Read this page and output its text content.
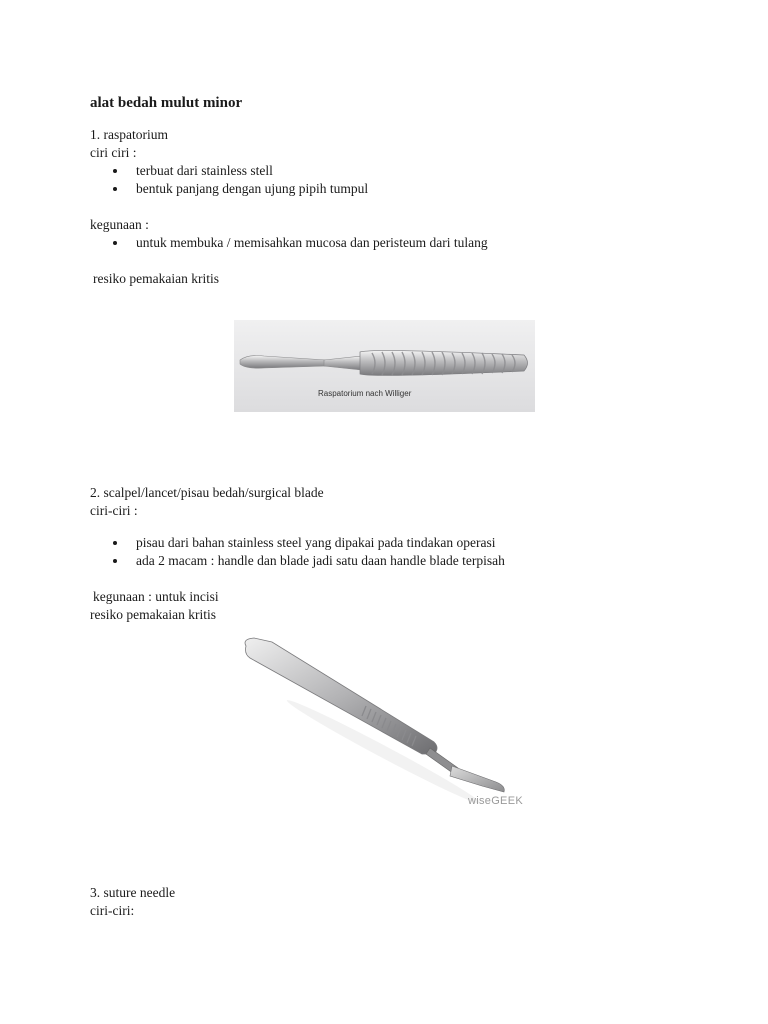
alat bedah mulut minor
1. raspatorium
ciri ciri :
terbuat dari stainless stell
bentuk panjang dengan ujung pipih tumpul
kegunaan :
untuk membuka / memisahkan mucosa dan peristeum dari tulang
resiko pemakaian kritis
Raspatorium nach Williger
2. scalpel/lancet/pisau bedah/surgical blade
ciri-ciri :
pisau dari bahan stainless steel yang dipakai pada tindakan operasi
ada 2 macam : handle dan blade jadi satu daan handle blade terpisah
kegunaan : untuk incisi
resiko pemakaian kritis
wiseGEEK
3. suture needle
ciri-ciri:
